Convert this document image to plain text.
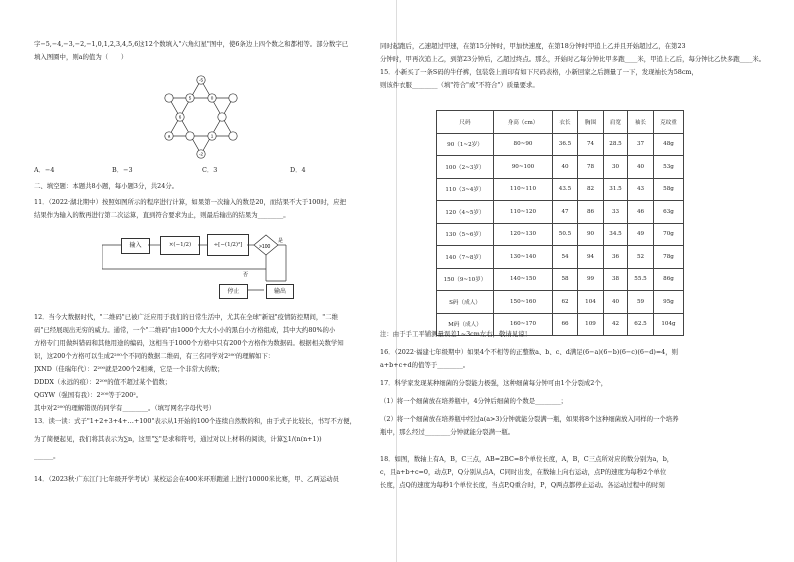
字−5,−4,−3,−2,−1,0,1,2,3,4,5,6这12个数填入"六角幻星"图中，使6条边上四个数之和都相等。部分数字已

填入图圈中，则a的值为（　　）

-5
5	0
6
a	1
-2
A．−4	B．−3	C．3	D．4

二、填空题：本题共8小题，每小题3分，共24分。

11．（2022·湖北期中）按照如图所示的程序进行计算，如果第一次输入的数是20，而结果不大于100时，应把

结果作为输入的数再进行第二次运算，直到符合要求为止，则最后输出的结果为________。

输入	×(−1/2)	÷[−(1/2)²]	>100
是
否
停止	输出

12．当今大数据时代，"二维码"已被广泛应用于我们的日常生活中，尤其在全球"新冠"疫情防控期间，"二维

码"已经展现出无穷的威力。通常，一个"二维码"由1000个大大小小的黑白小方格组成，其中大约80%的小

方格专门用做纠错码和其他用途的编码，这相当于1000个方格中只有200个方格作为数据码。根据相关数学知

识，这200个方格可以生成2²⁰⁰个不同的数据二维码，有三名同学对2²⁰⁰的理解如下：

JXND（佳瑞年代）：2²⁰⁰就是200个2相乘，它是一个非常大的数；

DDDX（永远的痕）：2²⁰⁰的值不超过某个值数；

QGYW（强国有我）：2²⁰⁰等于200²。

其中对2²⁰⁰的理解错误的同学有________。（填写网名字母代号）

13．读一读：式子"1+2+3+4+…+100"表示从1开始的100个连续自然数的和，由于式子比较长，书写不方便，

为了简便起见，我们将其表示为∑n，这里"∑"是求和符号，通过对以上材料的阅读，计算∑1/(n(n+1))

______。

14．（2023秋·广东江门七年级开学考试）某校运会在400米环形跑道上进行10000米比赛，甲、乙两运动员

同时起跑后，乙速超过甲速，在第15分钟时，甲加快速度，在第18分钟时甲追上乙并且开始超过乙，在第23

分钟时，甲再次追上乙，到第23分钟后，乙超过终点。那么，开始时乙每分钟比甲多跑____米，甲追上乙后，每分钟比乙快多跑____米。

15．小新买了一条S码的牛仔裤，包装袋上面印有如下尺码表格，小新回家之后测量了一下，发现袖长为58cm，

则该件衣服________（填"符合"或"不符合"）质量要求。

尺码	身高（cm）	衣长	胸围	肩宽	袖长	克纹重
90（1~2岁）	80~90	36.5	74	28.5	37	48g
100（2~3岁）	90~100	40	78	30	40	53g
110（3~4岁）	110~110	43.5	82	31.5	43	58g
120（4~5岁）	110~120	47	86	33	46	63g
130（5~6岁）	120~130	50.5	90	34.5	49	70g
140（7~8岁）	130~140	54	94	36	52	78g
150（9~10岁）	140~150	58	99	38	55.5	86g
S码（成人）	150~160	62	104	40	59	95g
M码（成人）	160~170	66	109	42	62.5	104g

注：由于手工平铺测量误差1~3cm左右，敬请见谅！

16．（2022·福建七年级期中）如果4个不相等的正整数a、b、c、d满足(6−a)(6−b)(6−c)(6−d)=4，则

a+b+c+d的值等于________。

17．科学家发现某种细菌的分裂能力极强，这种细菌每分钟可由1个分裂成2个，

（1）将一个细菌放在培养瓶中，4分钟后细菌的个数是________；

（2）将一个细菌放在培养瓶中经过a(a>3)分钟就能分裂满一瓶，如果将8个这种细菌放入同样的一个培养

瓶中，那么经过________分钟就能分裂满一瓶。

18．如图，数轴上有A，B，C三点，AB=2BC=8个单位长度，A，B，C三点所对应的数分别为a，b，

c，且a+b+c=0，动点P，Q分别从点A，C同时出发，在数轴上向右运动，点P的速度为每秒2个单位

长度，点Q的速度为每秒1个单位长度，当点P,Q重合时，P，Q两点都停止运动。各运动过程中的时刻
